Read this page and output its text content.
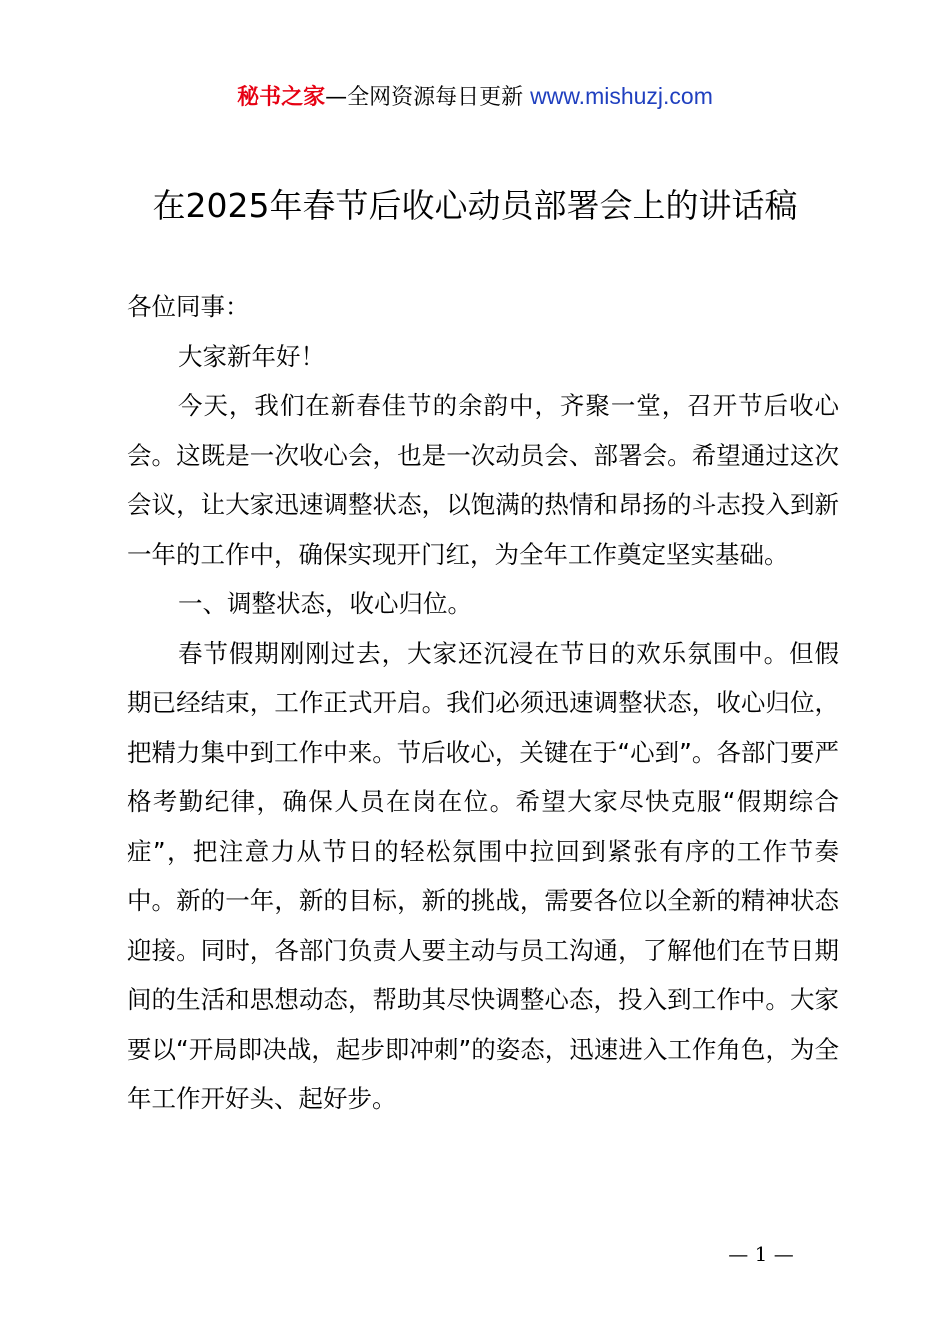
秘书之家—全网资源每日更新 www.mishuzj.com
在2025年春节后收心动员部署会上的讲话稿

各位同事：

大家新年好！

今天，我们在新春佳节的余韵中，齐聚一堂，召开节后收心会。这既是一次收心会，也是一次动员会、部署会。希望通过这次会议，让大家迅速调整状态，以饱满的热情和昂扬的斗志投入到新一年的工作中，确保实现开门红，为全年工作奠定坚实基础。

一、调整状态，收心归位。

春节假期刚刚过去，大家还沉浸在节日的欢乐氛围中。但假期已经结束，工作正式开启。我们必须迅速调整状态，收心归位，把精力集中到工作中来。节后收心，关键在于“心到”。各部门要严格考勤纪律，确保人员在岗在位。希望大家尽快克服“假期综合症”，把注意力从节日的轻松氛围中拉回到紧张有序的工作节奏中。新的一年，新的目标，新的挑战，需要各位以全新的精神状态迎接。同时，各部门负责人要主动与员工沟通，了解他们在节日期间的生活和思想动态，帮助其尽快调整心态，投入到工作中。大家要以“开局即决战，起步即冲刺”的姿态，迅速进入工作角色，为全年工作开好头、起好步。

— 1 —
